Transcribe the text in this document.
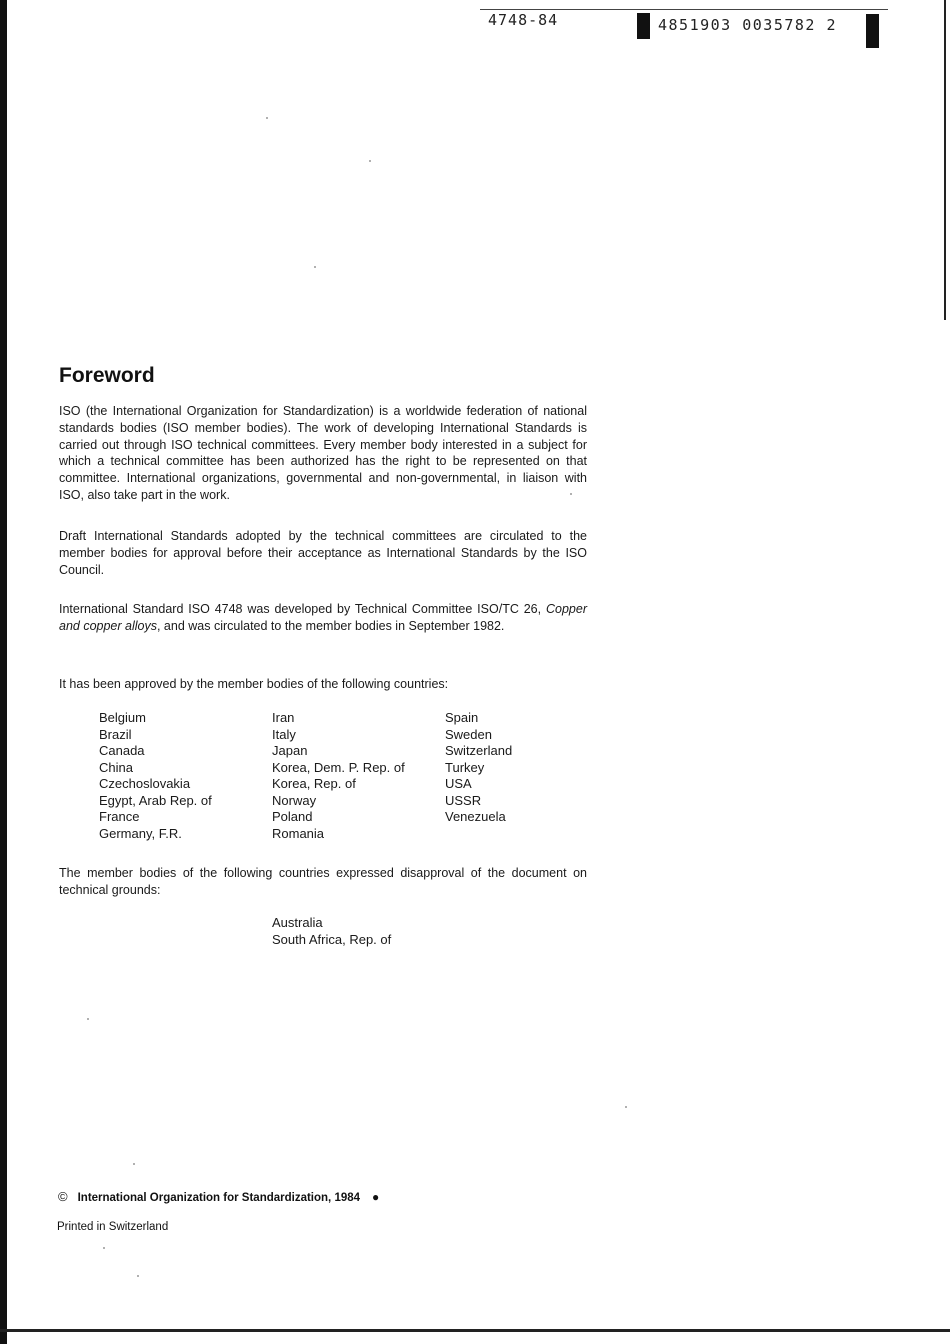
4748-84	4851903 0035782 2
Foreword

ISO (the International Organization for Standardization) is a worldwide federation of national standards bodies (ISO member bodies). The work of developing International Standards is carried out through ISO technical committees. Every member body interested in a subject for which a technical committee has been authorized has the right to be represented on that committee. International organizations, governmental and non-governmental, in liaison with ISO, also take part in the work.

Draft International Standards adopted by the technical committees are circulated to the member bodies for approval before their acceptance as International Standards by the ISO Council.

International Standard ISO 4748 was developed by Technical Committee ISO/TC 26, Copper and copper alloys, and was circulated to the member bodies in September 1982.

It has been approved by the member bodies of the following countries:

Belgium
Brazil
Canada
China
Czechoslovakia
Egypt, Arab Rep. of
France
Germany, F.R.
Iran
Italy
Japan
Korea, Dem. P. Rep. of
Korea, Rep. of
Norway
Poland
Romania
Spain
Sweden
Switzerland
Turkey
USA
USSR
Venezuela

The member bodies of the following countries expressed disapproval of the document on technical grounds:

Australia
South Africa, Rep. of
© International Organization for Standardization, 1984 ●
Printed in Switzerland
